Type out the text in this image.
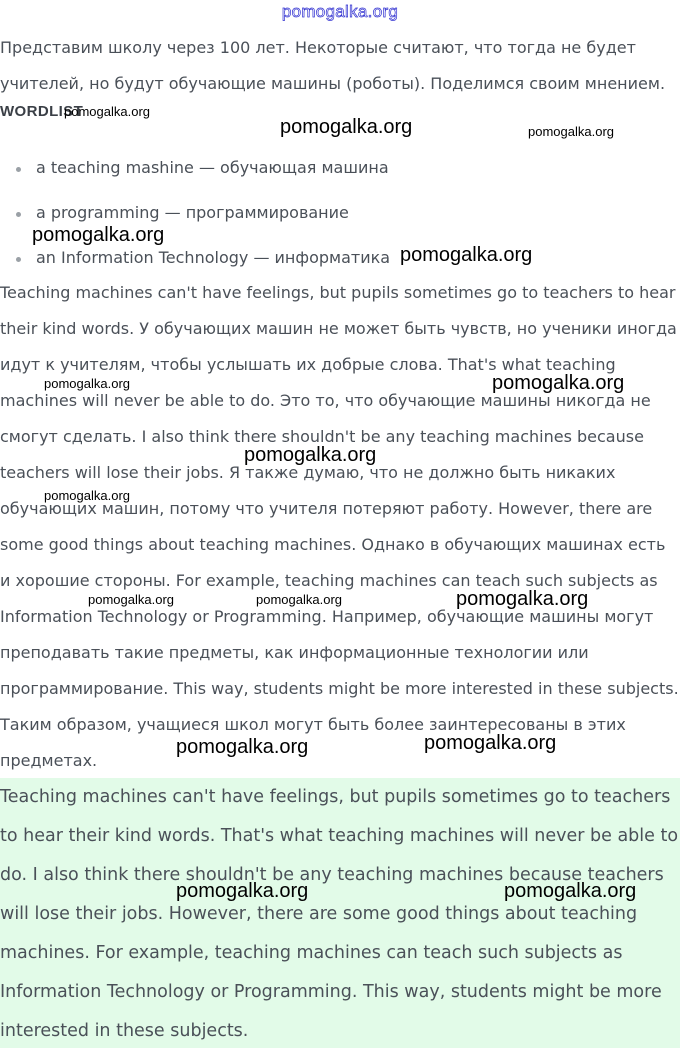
pomogalka.org

Представим школу через 100 лет. Некоторые считают, что тогда не будет учителей, но будут обучающие машины (роботы). Поделимся своим мнением.

WORDLIST
a teaching mashine — обучающая машина
a programming — программирование
an Information Technology — информатика

Teaching machines can't have feelings, but pupils sometimes go to teachers to hear their kind words. У обучающих машин не может быть чувств, но ученики иногда идут к учителям, чтобы услышать их добрые слова. That's what teaching machines will never be able to do. Это то, что обучающие машины никогда не смогут сделать. I also think there shouldn't be any teaching machines because teachers will lose their jobs. Я также думаю, что не должно быть никаких обучающих машин, потому что учителя потеряют работу. However, there are some good things about teaching machines. Однако в обучающих машинах есть и хорошие стороны. For example, teaching machines can teach such subjects as Information Technology or Programming. Например, обучающие машины могут преподавать такие предметы, как информационные технологии или программирование. This way, students might be more interested in these subjects. Таким образом, учащиеся школ могут быть более заинтересованы в этих предметах.

Teaching machines can't have feelings, but pupils sometimes go to teachers to hear their kind words. That's what teaching machines will never be able to do. I also think there shouldn't be any teaching machines because teachers will lose their jobs. However, there are some good things about teaching machines. For example, teaching machines can teach such subjects as Information Technology or Programming. This way, students might be more interested in these subjects.

pomogalka.org
pomogalka.org	pomogalka.org
pomogalka.org
pomogalka.org
pomogalka.org	pomogalka.org
pomogalka.org
pomogalka.org
pomogalka.org	pomogalka.org	pomogalka.org
pomogalka.org	pomogalka.org
pomogalka.org	pomogalka.org
